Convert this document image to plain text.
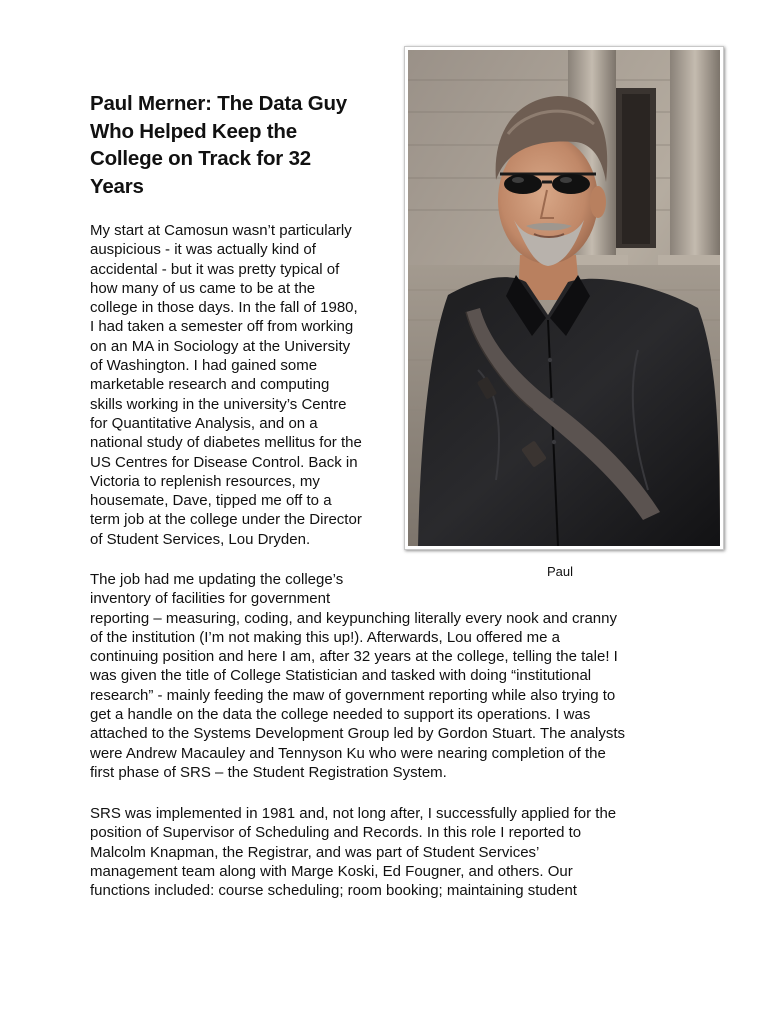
Paul Merner: The Data Guy
Who Helped Keep the
College on Track for 32
Years

My start at Camosun wasn’t particularly
auspicious - it was actually kind of
accidental - but it was pretty typical of
how many of us came to be at the
college in those days. In the fall of 1980,
I had taken a semester off from working
on an MA in Sociology at the University
of Washington. I had gained some
marketable research and computing
skills working in the university’s Centre
for Quantitative Analysis, and on a
national study of diabetes mellitus for the
US Centres for Disease Control. Back in
Victoria to replenish resources, my
housemate, Dave, tipped me off to a
term job at the college under the Director
of Student Services, Lou Dryden.

Paul

The job had me updating the college’s
inventory of facilities for government
reporting – measuring, coding, and keypunching literally every nook and cranny
of the institution (I’m not making this up!). Afterwards, Lou offered me a
continuing position and here I am, after 32 years at the college, telling the tale! I
was given the title of College Statistician and tasked with doing “institutional
research” - mainly feeding the maw of government reporting while also trying to
get a handle on the data the college needed to support its operations. I was
attached to the Systems Development Group led by Gordon Stuart. The analysts
were Andrew Macauley and Tennyson Ku who were nearing completion of the
first phase of SRS – the Student Registration System.

SRS was implemented in 1981 and, not long after, I successfully applied for the
position of Supervisor of Scheduling and Records. In this role I reported to
Malcolm Knapman, the Registrar, and was part of Student Services’
management team along with Marge Koski, Ed Fougner, and others. Our
functions included: course scheduling; room booking; maintaining student
